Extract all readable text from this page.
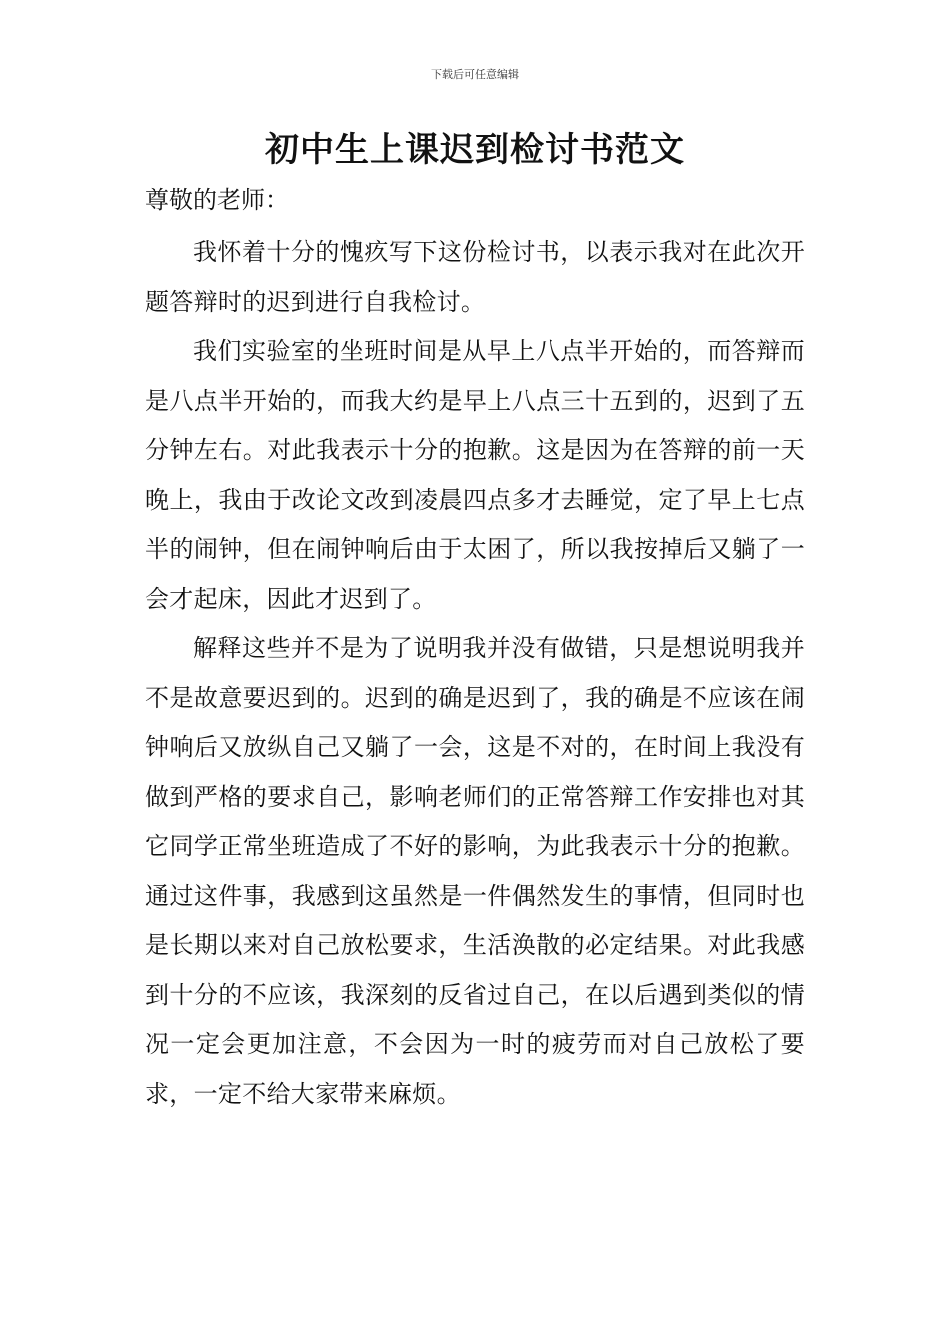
下载后可任意编辑
初中生上课迟到检讨书范文

尊敬的老师：

我怀着十分的愧疚写下这份检讨书，以表示我对在此次开题答辩时的迟到进行自我检讨。

我们实验室的坐班时间是从早上八点半开始的，而答辩而是八点半开始的，而我大约是早上八点三十五到的，迟到了五分钟左右。对此我表示十分的抱歉。这是因为在答辩的前一天晚上，我由于改论文改到凌晨四点多才去睡觉，定了早上七点半的闹钟，但在闹钟响后由于太困了，所以我按掉后又躺了一会才起床，因此才迟到了。

解释这些并不是为了说明我并没有做错，只是想说明我并不是故意要迟到的。迟到的确是迟到了，我的确是不应该在闹钟响后又放纵自己又躺了一会，这是不对的，在时间上我没有做到严格的要求自己，影响老师们的正常答辩工作安排也对其它同学正常坐班造成了不好的影响，为此我表示十分的抱歉。通过这件事，我感到这虽然是一件偶然发生的事情，但同时也是长期以来对自己放松要求，生活涣散的必定结果。对此我感到十分的不应该，我深刻的反省过自己，在以后遇到类似的情况一定会更加注意，不会因为一时的疲劳而对自己放松了要求，一定不给大家带来麻烦。
